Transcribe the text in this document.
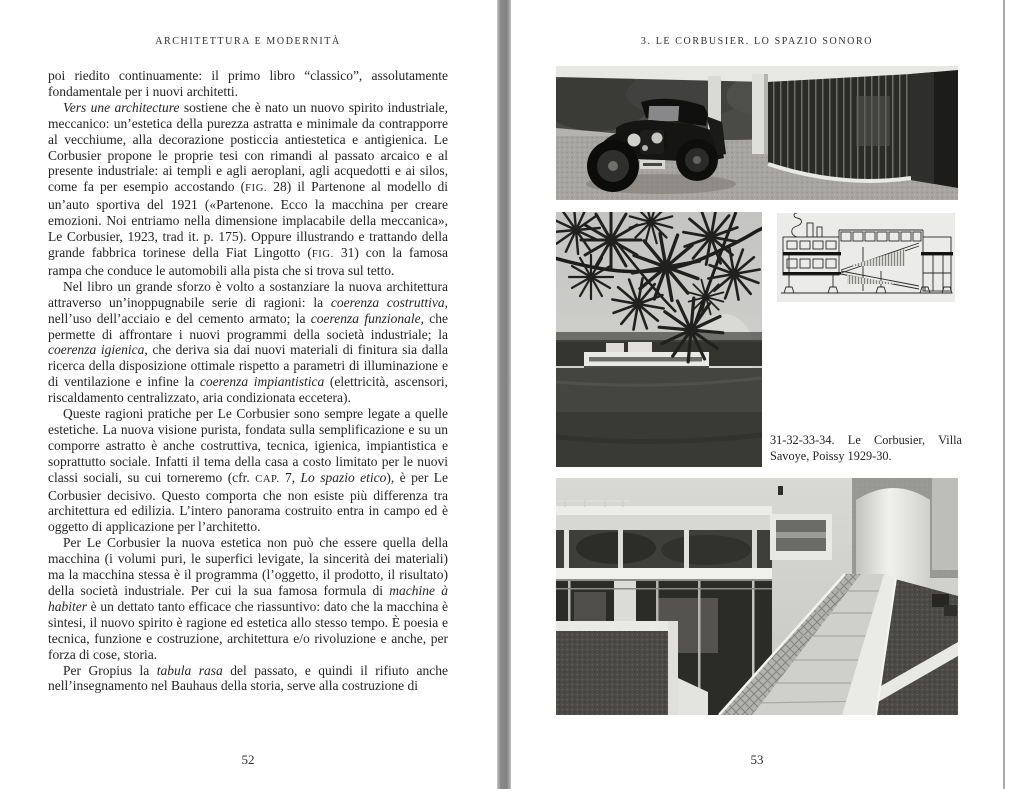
ARCHITETTURA E MODERNITÀ

poi riedito continuamente: il primo libro “classico”, assolutamente fondamentale per i nuovi architetti.

Vers une architecture sostiene che è nato un nuovo spirito industriale, meccanico: un’estetica della purezza astratta e minimale da contrapporre al vecchiume, alla decorazione posticcia antiestetica e antigienica. Le Corbusier propone le proprie tesi con rimandi al passato arcaico e al presente industriale: ai templi e agli aeroplani, agli acquedotti e ai silos, come fa per esempio accostando (FIG. 28) il Partenone al modello di un’auto sportiva del 1921 («Partenone. Ecco la macchina per creare emozioni. Noi entriamo nella dimensione implacabile della meccanica», Le Corbusier, 1923, trad it. p. 175). Oppure illustrando e trattando della grande fabbrica torinese della Fiat Lingotto (FIG. 31) con la famosa rampa che conduce le automobili alla pista che si trova sul tetto.

Nel libro un grande sforzo è volto a sostanziare la nuova architettura attraverso un’inoppugnabile serie di ragioni: la coerenza costruttiva, nell’uso dell’acciaio e del cemento armato; la coerenza funzionale, che permette di affrontare i nuovi programmi della società industriale; la coerenza igienica, che deriva sia dai nuovi materiali di finitura sia dalla ricerca della disposizione ottimale rispetto a parametri di illuminazione e di ventilazione e infine la coerenza impiantistica (elettricità, ascensori, riscaldamento centralizzato, aria condizionata eccetera).

Queste ragioni pratiche per Le Corbusier sono sempre legate a quelle estetiche. La nuova visione purista, fondata sulla semplificazione e su un comporre astratto è anche costruttiva, tecnica, igienica, impiantistica e soprattutto sociale. Infatti il tema della casa a costo limitato per le nuovi classi sociali, su cui torneremo (cfr. CAP. 7, Lo spazio etico), è per Le Corbusier decisivo. Questo comporta che non esiste più differenza tra architettura ed edilizia. L’intero panorama costruito entra in campo ed è oggetto di applicazione per l’architetto.

Per Le Corbusier la nuova estetica non può che essere quella della macchina (i volumi puri, le superfici levigate, la sincerità dei materiali) ma la macchina stessa è il programma (l’oggetto, il prodotto, il risultato) della società industriale. Per cui la sua famosa formula di machine à habiter è un dettato tanto efficace che riassuntivo: dato che la macchina è sintesi, il nuovo spirito è ragione ed estetica allo stesso tempo. È poesia e tecnica, funzione e costruzione, architettura e/o rivoluzione e anche, per forza di cose, storia.

Per Gropius la tabula rasa del passato, e quindi il rifiuto anche nell’insegnamento nel Bauhaus della storia, serve alla costruzione di

52
3. LE CORBUSIER. LO SPAZIO SONORO
31-32-33-34. Le Corbusier, Villa Savoye, Poissy 1929-30.
53
